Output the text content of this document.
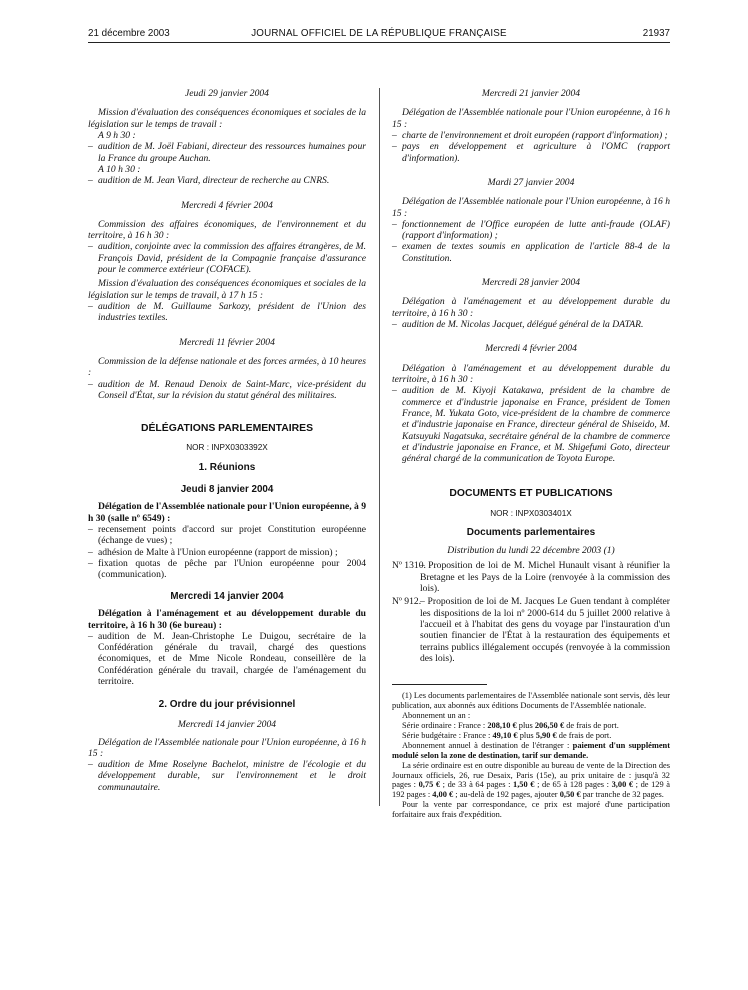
21 décembre 2003	JOURNAL OFFICIEL DE LA RÉPUBLIQUE FRANÇAISE	21937
Jeudi 29 janvier 2004
Mission d'évaluation des conséquences économiques et sociales de la législation sur le temps de travail :
A 9 h 30 :
– audition de M. Joël Fabiani, directeur des ressources humaines pour la France du groupe Auchan.
A 10 h 30 :
– audition de M. Jean Viard, directeur de recherche au CNRS.
Mercredi 4 février 2004
Commission des affaires économiques, de l'environnement et du territoire, à 16 h 30 :
– audition, conjointe avec la commission des affaires étrangères, de M. François David, président de la Compagnie française d'assurance pour le commerce extérieur (COFACE).
Mission d'évaluation des conséquences économiques et sociales de la législation sur le temps de travail, à 17 h 15 :
– audition de M. Guillaume Sarkozy, président de l'Union des industries textiles.
Mercredi 11 février 2004
Commission de la défense nationale et des forces armées, à 10 heures :
– audition de M. Renaud Denoix de Saint-Marc, vice-président du Conseil d'État, sur la révision du statut général des militaires.
DÉLÉGATIONS PARLEMENTAIRES
NOR : INPX0303392X
1. Réunions
Jeudi 8 janvier 2004
Délégation de l'Assemblée nationale pour l'Union européenne, à 9 h 30 (salle nº 6549) :
– recensement points d'accord sur projet Constitution européenne (échange de vues) ;
– adhésion de Malte à l'Union européenne (rapport de mission) ;
– fixation quotas de pêche par l'Union européenne pour 2004 (communication).
Mercredi 14 janvier 2004
Délégation à l'aménagement et au développement durable du territoire, à 16 h 30 (6e bureau) :
– audition de M. Jean-Christophe Le Duigou, secrétaire de la Confédération générale du travail, chargé des questions économiques, et de Mme Nicole Rondeau, conseillère de la Confédération générale du travail, chargée de l'aménagement du territoire.
2. Ordre du jour prévisionnel
Mercredi 14 janvier 2004
Délégation de l'Assemblée nationale pour l'Union européenne, à 16 h 15 :
– audition de Mme Roselyne Bachelot, ministre de l'écologie et du développement durable, sur l'environnement et le droit communautaire.
Mercredi 21 janvier 2004
Délégation de l'Assemblée nationale pour l'Union européenne, à 16 h 15 :
– charte de l'environnement et droit européen (rapport d'information) ;
– pays en développement et agriculture à l'OMC (rapport d'information).
Mardi 27 janvier 2004
Délégation de l'Assemblée nationale pour l'Union européenne, à 16 h 15 :
– fonctionnement de l'Office européen de lutte anti-fraude (OLAF) (rapport d'information) ;
– examen de textes soumis en application de l'article 88-4 de la Constitution.
Mercredi 28 janvier 2004
Délégation à l'aménagement et au développement durable du territoire, à 16 h 30 :
– audition de M. Nicolas Jacquet, délégué général de la DATAR.
Mercredi 4 février 2004
Délégation à l'aménagement et au développement durable du territoire, à 16 h 30 :
– audition de M. Kiyoji Katakawa, président de la chambre de commerce et d'industrie japonaise en France, président de Tomen France, M. Yukata Goto, vice-président de la chambre de commerce et d'industrie japonaise en France, directeur général de Shiseido, M. Katsuyuki Nagatsuka, secrétaire général de la chambre de commerce et d'industrie japonaise en France, et M. Shigefumi Goto, directeur général chargé de la communication de Toyota Europe.
DOCUMENTS ET PUBLICATIONS
NOR : INPX0303401X
Documents parlementaires
Distribution du lundi 22 décembre 2003 (1)
Nº 1310.
– Proposition de loi de M. Michel Hunault visant à réunifier la Bretagne et les Pays de la Loire (renvoyée à la commission des lois).
Nº 912.
– Proposition de loi de M. Jacques Le Guen tendant à compléter les dispositions de la loi nº 2000-614 du 5 juillet 2000 relative à l'accueil et à l'habitat des gens du voyage par l'instauration d'un soutien financier de l'État à la restauration des équipements et terrains publics illégalement occupés (renvoyée à la commission des lois).
(1) Les documents parlementaires de l'Assemblée nationale sont servis, dès leur publication, aux abonnés aux éditions Documents de l'Assemblée nationale.
Abonnement un an :
Série ordinaire : France : 208,10 € plus 206,50 € de frais de port.
Série budgétaire : France : 49,10 € plus 5,90 € de frais de port.
Abonnement annuel à destination de l'étranger : paiement d'un supplément modulé selon la zone de destination, tarif sur demande.
La série ordinaire est en outre disponible au bureau de vente de la Direction des Journaux officiels, 26, rue Desaix, Paris (15e), au prix unitaire de : jusqu'à 32 pages : 0,75 € ; de 33 à 64 pages : 1,50 € ; de 65 à 128 pages : 3,00 € ; de 129 à 192 pages : 4,00 € ; au-delà de 192 pages, ajouter 0,50 € par tranche de 32 pages.
Pour la vente par correspondance, ce prix est majoré d'une participation forfaitaire aux frais d'expédition.
